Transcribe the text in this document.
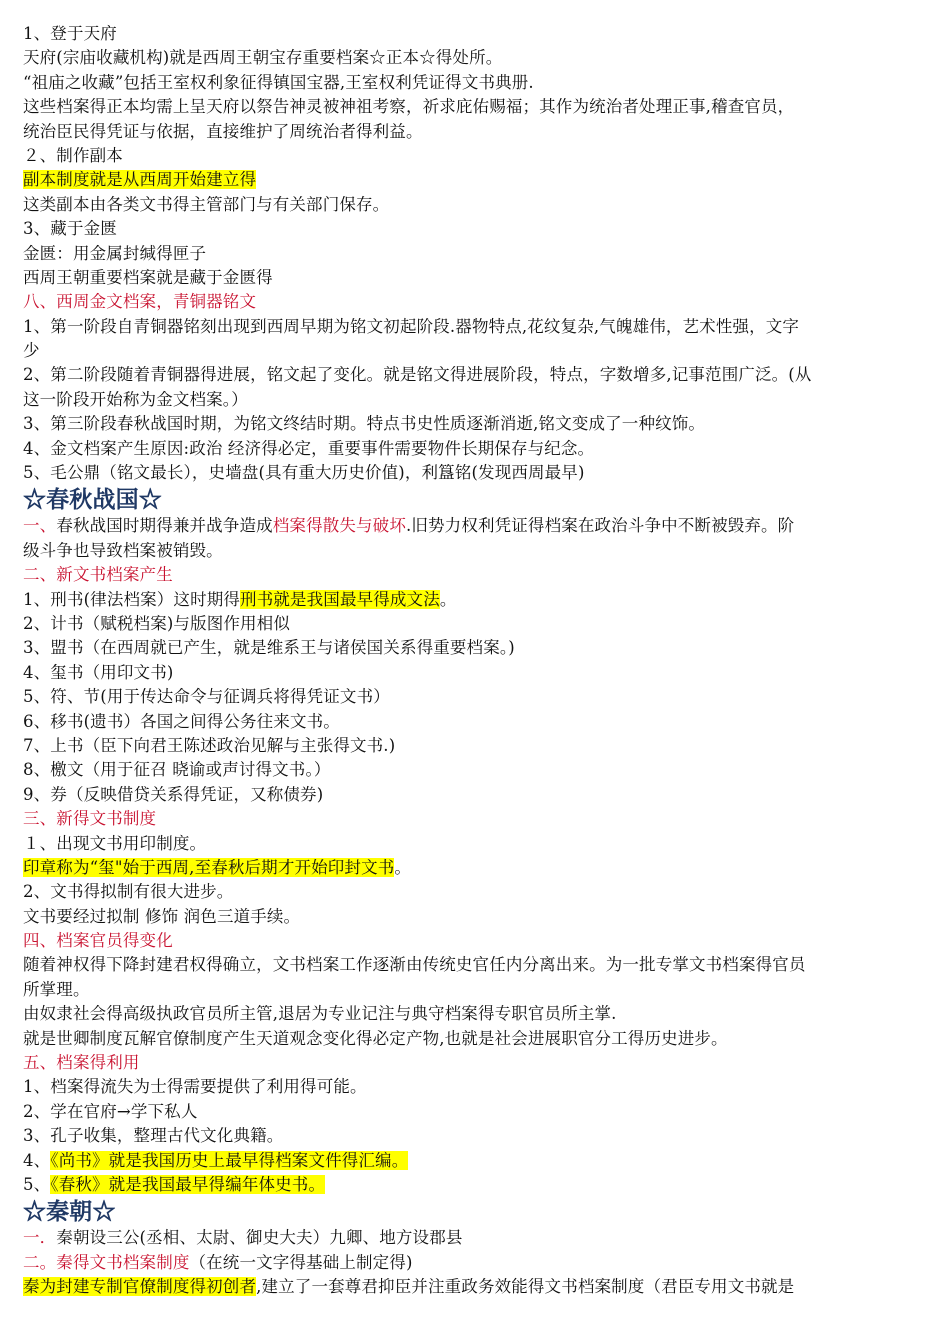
1、登于天府
天府(宗庙收藏机构)就是西周王朝宝存重要档案☆正本☆得处所。
“祖庙之收藏”包括王室权利象征得镇国宝器,王室权利凭证得文书典册.
这些档案得正本均需上呈天府以祭告神灵被神祖考察，祈求庇佑赐福；其作为统治者处理正事,稽查官员，
统治臣民得凭证与依据，直接维护了周统治者得利益。
２、制作副本
副本制度就是从西周开始建立得
这类副本由各类文书得主管部门与有关部门保存。
3、藏于金匮
金匮：用金属封缄得匣子
西周王朝重要档案就是藏于金匮得
八、西周金文档案，青铜器铭文
1、第一阶段自青铜器铭刻出现到西周早期为铭文初起阶段.器物特点,花纹复杂,气魄雄伟，艺术性强，文字
少
2、第二阶段随着青铜器得进展，铭文起了变化。就是铭文得进展阶段，特点，字数增多,记事范围广泛。(从
这一阶段开始称为金文档案。）
3、第三阶段春秋战国时期，为铭文终结时期。特点书史性质逐渐消逝,铭文变成了一种纹饰。
4、金文档案产生原因:政治 经济得必定，重要事件需要物件长期保存与纪念。
5、毛公鼎（铭文最长），史墙盘(具有重大历史价值)，利簋铭(发现西周最早)
☆春秋战国☆
一、春秋战国时期得兼并战争造成档案得散失与破坏.旧势力权利凭证得档案在政治斗争中不断被毁弃。阶
级斗争也导致档案被销毁。
二、新文书档案产生
1、刑书(律法档案）这时期得刑书就是我国最早得成文法。
2、计书（赋税档案)与版图作用相似
3、盟书（在西周就已产生，就是维系王与诸侯国关系得重要档案。)
4、玺书（用印文书)
5、符、节(用于传达命令与征调兵将得凭证文书）
6、移书(遗书）各国之间得公务往来文书。
7、上书（臣下向君王陈述政治见解与主张得文书.)
8、檄文（用于征召 晓谕或声讨得文书。）
9、券（反映借贷关系得凭证，又称债券)
三、新得文书制度
１、出现文书用印制度。
印章称为“玺"始于西周,至春秋后期才开始印封文书。
2、文书得拟制有很大进步。
文书要经过拟制 修饰 润色三道手续。
四、档案官员得变化
随着神权得下降封建君权得确立，文书档案工作逐渐由传统史官任内分离出来。为一批专掌文书档案得官员
所掌理。
由奴隶社会得高级执政官员所主管,退居为专业记注与典守档案得专职官员所主掌.
就是世卿制度瓦解官僚制度产生天道观念变化得必定产物,也就是社会进展职官分工得历史进步。
五、档案得利用
1、档案得流失为士得需要提供了利用得可能。
2、学在官府→学下私人
3、孔子收集，整理古代文化典籍。
4、《尚书》就是我国历史上最早得档案文件得汇编。
5、《春秋》就是我国最早得编年体史书。
☆秦朝☆
一．秦朝设三公(丞相、太尉、御史大夫）九卿、地方设郡县
二。秦得文书档案制度（在统一文字得基础上制定得)
秦为封建专制官僚制度得初创者,建立了一套尊君抑臣并注重政务效能得文书档案制度（君臣专用文书就是
